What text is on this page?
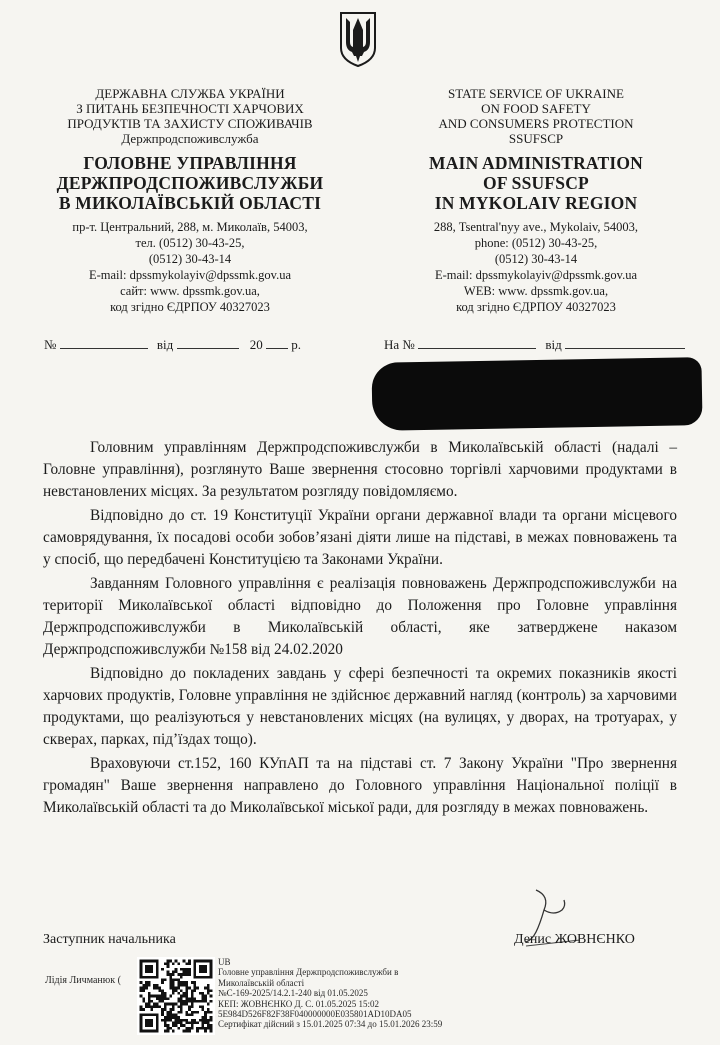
ДЕРЖАВНА СЛУЖБА УКРАЇНИ
З ПИТАНЬ БЕЗПЕЧНОСТІ ХАРЧОВИХ
ПРОДУКТІВ ТА ЗАХИСТУ СПОЖИВАЧІВ
Держпродспоживслужба
ГОЛОВНЕ УПРАВЛІННЯ
ДЕРЖПРОДСПОЖИВСЛУЖБИ
В МИКОЛАЇВСЬКІЙ ОБЛАСТІ
пр-т. Центральний, 288, м. Миколаїв, 54003,
тел. (0512) 30-43-25,
(0512) 30-43-14
E-mail: dpssmykolayiv@dpssmk.gov.ua
сайт: www. dpssmk.gov.ua,
код згідно ЄДРПОУ 40327023
STATE SERVICE OF UKRAINE
ON FOOD SAFETY
AND CONSUMERS PROTECTION
SSUFSCP
MAIN ADMINISTRATION
OF SSUFSCP
IN MYKOLAIV REGION
288, Tsentral'nyy ave., Mykolaiv, 54003,
phone: (0512) 30-43-25,
(0512) 30-43-14
E-mail: dpssmykolayiv@dpssmk.gov.ua
WEB: www. dpssmk.gov.ua,
код згідно ЄДРПОУ 40327023
№	від	20 р.	На №	від

Головним управлінням Держпродспоживслужби в Миколаївській області (надалі – Головне управління), розглянуто Ваше звернення стосовно торгівлі харчовими продуктами в невстановлених місцях. За результатом розгляду повідомляємо.

Відповідно до ст. 19 Конституції України органи державної влади та органи місцевого самоврядування, їх посадові особи зобов’язані діяти лише на підставі, в межах повноважень та у спосіб, що передбачені Конституцією та Законами України.

Завданням Головного управління є реалізація повноважень Держпродспоживслужби на території Миколаївської області відповідно до Положення про Головне управління Держпродспоживслужби в Миколаївській області, яке затверджене наказом Держпродспоживслужби №158 від 24.02.2020

Відповідно до покладених завдань у сфері безпечності та окремих показників якості харчових продуктів, Головне управління не здійснює державний нагляд (контроль) за харчовими продуктами, що реалізуються у невстановлених місцях (на вулицях, у дворах, на тротуарах, у скверах, парках, під’їздах тощо).

Враховуючи ст.152, 160 КУпАП та на підставі ст. 7 Закону України "Про звернення громадян" Ваше звернення направлено до Головного управління Національної поліції в Миколаївській області та до Миколаївської міської ради, для розгляду в межах повноважень.

Заступник начальника	Денис ЖОВНЄНКО
Лідія Личманюк (
UB
Головне управління Держпродспоживслужби в
Миколаївській області
№С-169-2025/14.2.1-240 від 01.05.2025
КЕП: ЖОВНЄНКО Д. С. 01.05.2025 15:02
5E984D526F82F38F040000000E035801AD10DA05
Сертифікат дійсний з 15.01.2025 07:34 до 15.01.2026 23:59
